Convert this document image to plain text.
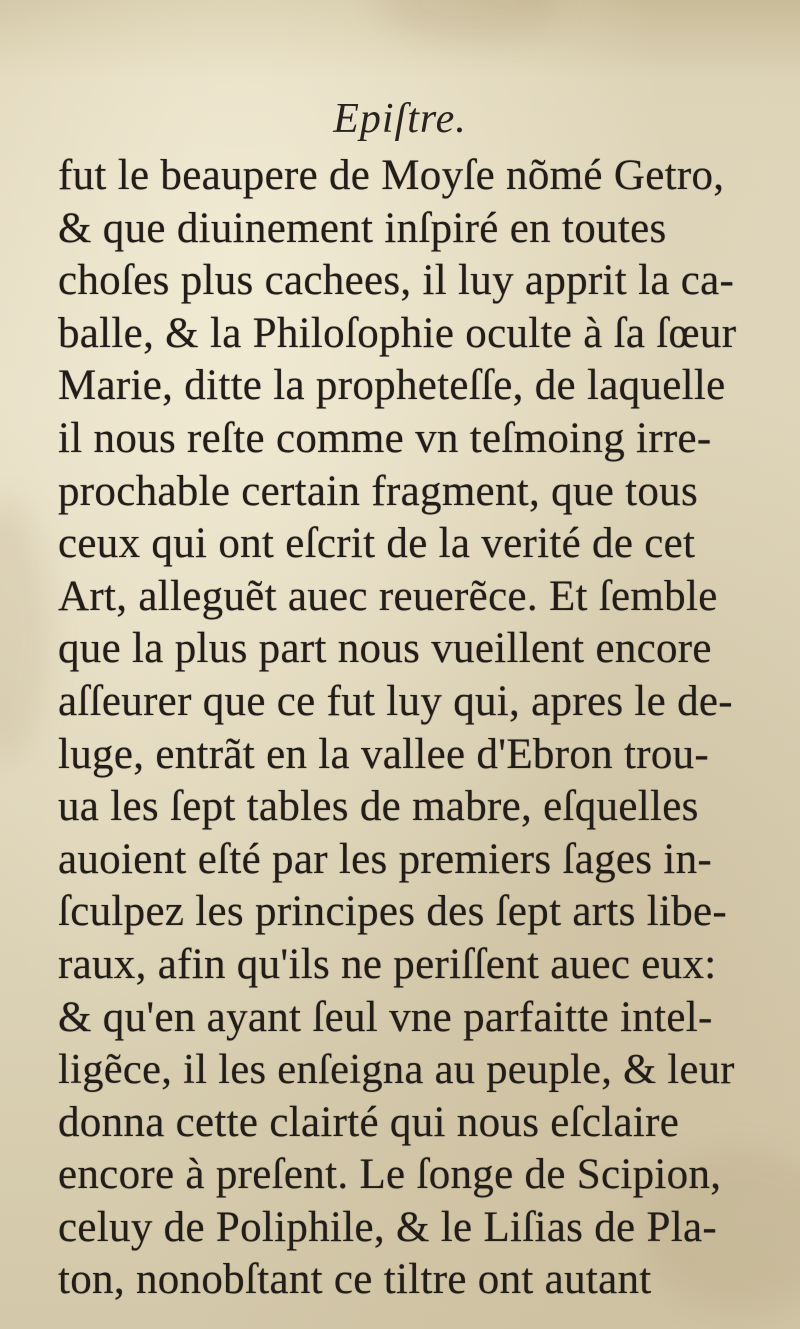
Epiſtre.
fut le beaupere de Moyſe nõmé Getro,
& que diuinement inſpiré en toutes
choſes plus cachees, il luy apprit la ca-
balle, & la Philoſophie oculte à ſa ſœur
Marie, ditte la propheteſſe, de laquelle
il nous reſte comme vn teſmoing irre-
prochable certain fragment, que tous
ceux qui ont eſcrit de la verité de cet
Art, alleguẽt auec reuerẽce. Et ſemble
que la plus part nous vueillent encore
aſſeurer que ce fut luy qui, apres le de-
luge, entrãt en la vallee d'Ebron trou-
ua les ſept tables de mabre, eſquelles
auoient eſté par les premiers ſages in-
ſculpez les principes des ſept arts libe-
raux, afin qu'ils ne periſſent auec eux:
& qu'en ayant ſeul vne parfaitte intel-
ligẽce, il les enſeigna au peuple, & leur
donna cette clairté qui nous eſclaire
encore à preſent. Le ſonge de Scipion,
celuy de Poliphile, & le Liſias de Pla-
ton, nonobſtant ce tiltre ont autant
